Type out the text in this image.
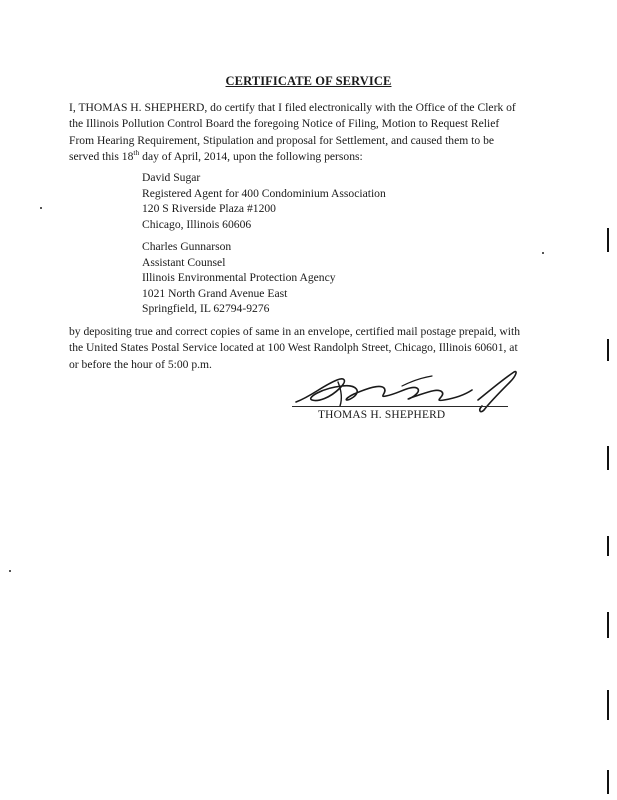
CERTIFICATE OF SERVICE

I, THOMAS H. SHEPHERD, do certify that I filed electronically with the Office of the Clerk of
the Illinois Pollution Control Board the foregoing Notice of Filing, Motion to Request Relief
From Hearing Requirement, Stipulation and proposal for Settlement, and caused them to be
served this 18th day of April, 2014, upon the following persons:

David Sugar
Registered Agent for 400 Condominium Association
120 S Riverside Plaza #1200
Chicago, Illinois 60606
Charles Gunnarson
Assistant Counsel
Illinois Environmental Protection Agency
1021 North Grand Avenue East
Springfield, IL 62794-9276

by depositing true and correct copies of same in an envelope, certified mail postage prepaid, with
the United States Postal Service located at 100 West Randolph Street, Chicago, Illinois 60601, at
or before the hour of 5:00 p.m.

THOMAS H. SHEPHERD
